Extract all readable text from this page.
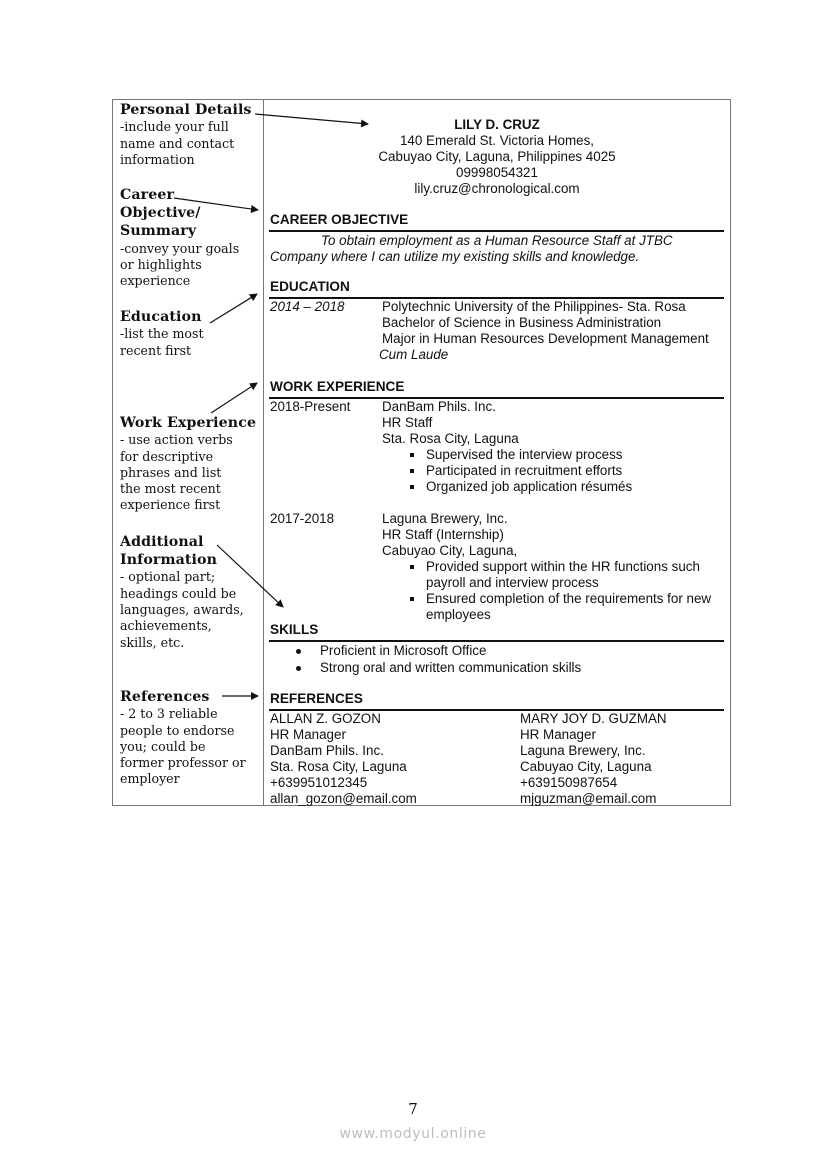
Personal Details
-include your full
name and contact
information
Career
Objective/
Summary
-convey your goals
or highlights
experience
Education
-list the most
recent first
Work Experience
- use action verbs
for descriptive
phrases and list
the most recent
experience first
Additional
Information
- optional part;
headings could be
languages, awards,
achievements,
skills, etc.
References
- 2 to 3 reliable
people to endorse
you; could be
former professor or
employer
LILY D. CRUZ
140 Emerald St. Victoria Homes,
Cabuyao City, Laguna, Philippines 4025
09998054321
lily.cruz@chronological.com
CAREER OBJECTIVE
To obtain employment as a Human Resource Staff at JTBC
Company where I can utilize my existing skills and knowledge.
EDUCATION
2014 – 2018	Polytechnic University of the Philippines- Sta. Rosa
Bachelor of Science in Business Administration
Major in Human Resources Development Management
Cum Laude
WORK EXPERIENCE
2018-Present DanBam Phils. Inc.
HR Staff
Sta. Rosa City, Laguna
Supervised the interview process
Participated in recruitment efforts
Organized job application résumés
2017-2018	Laguna Brewery, Inc.
HR Staff (Internship)
Cabuyao City, Laguna,
Provided support within the HR functions such
payroll and interview process
Ensured completion of the requirements for new
employees
SKILLS
Proficient in Microsoft Office
Strong oral and written communication skills
REFERENCES
ALLAN Z. GOZON
HR Manager
DanBam Phils. Inc.
Sta. Rosa City, Laguna
+639951012345
allan_gozon@email.com
MARY JOY D. GUZMAN
HR Manager
Laguna Brewery, Inc.
Cabuyao City, Laguna
+639150987654
mjguzman@email.com
7
www.modyul.online
